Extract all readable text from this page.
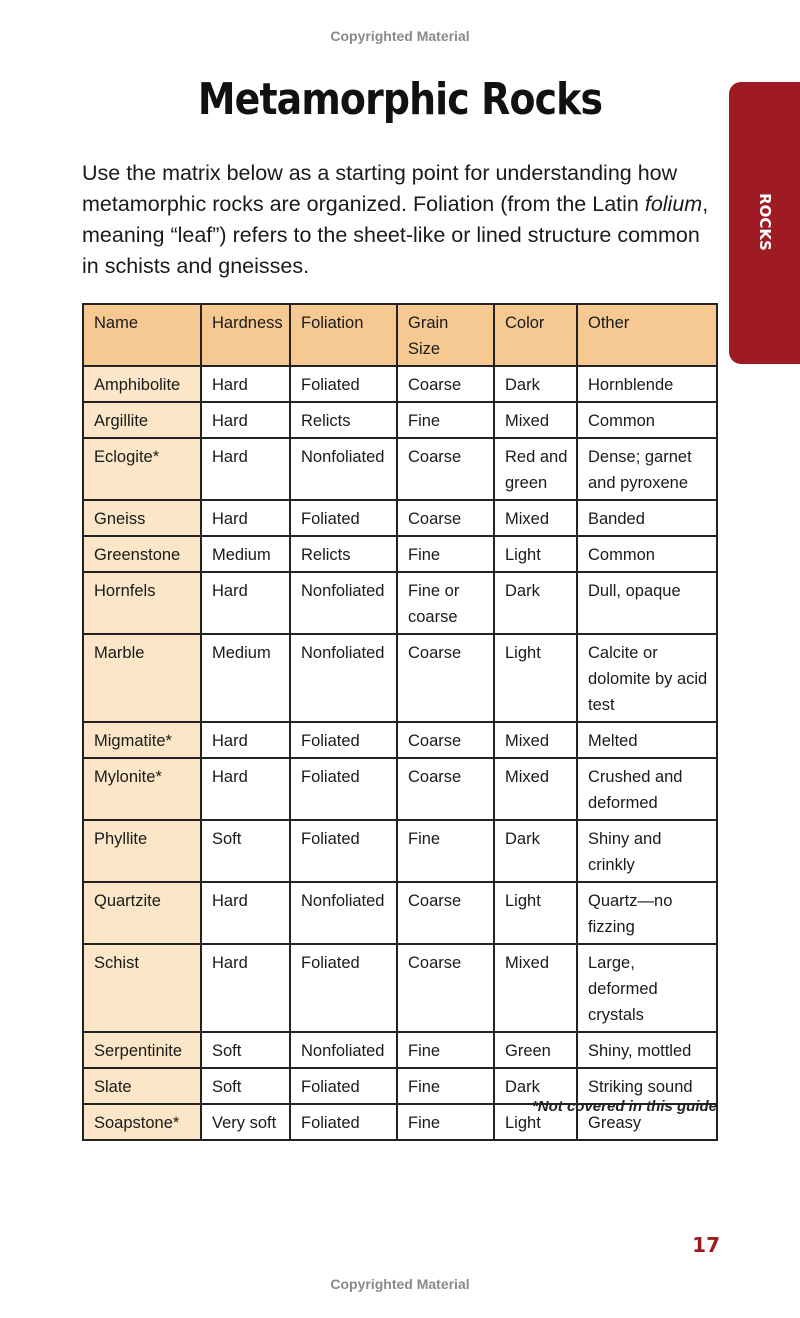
Copyrighted Material
Metamorphic Rocks
ROCKS

Use the matrix below as a starting point for understanding how metamorphic rocks are organized. Foliation (from the Latin folium, meaning “leaf”) refers to the sheet-like or lined structure common in schists and gneisses.

Name	Hardness	Foliation	Grain Size	Color	Other
Amphibolite	Hard	Foliated	Coarse	Dark	Hornblende
Argillite	Hard	Relicts	Fine	Mixed	Common
Eclogite*	Hard	Nonfoliated	Coarse	Red and green	Dense; garnet and pyroxene
Gneiss	Hard	Foliated	Coarse	Mixed	Banded
Greenstone	Medium	Relicts	Fine	Light	Common
Hornfels	Hard	Nonfoliated	Fine or coarse	Dark	Dull, opaque
Marble	Medium	Nonfoliated	Coarse	Light	Calcite or dolomite by acid test
Migmatite*	Hard	Foliated	Coarse	Mixed	Melted
Mylonite*	Hard	Foliated	Coarse	Mixed	Crushed and deformed
Phyllite	Soft	Foliated	Fine	Dark	Shiny and crinkly
Quartzite	Hard	Nonfoliated	Coarse	Light	Quartz—no fizzing
Schist	Hard	Foliated	Coarse	Mixed	Large, deformed crystals
Serpentinite	Soft	Nonfoliated	Fine	Green	Shiny, mottled
Slate	Soft	Foliated	Fine	Dark	Striking sound
Soapstone*	Very soft	Foliated	Fine	Light	Greasy
*Not covered in this guide
17
Copyrighted Material
